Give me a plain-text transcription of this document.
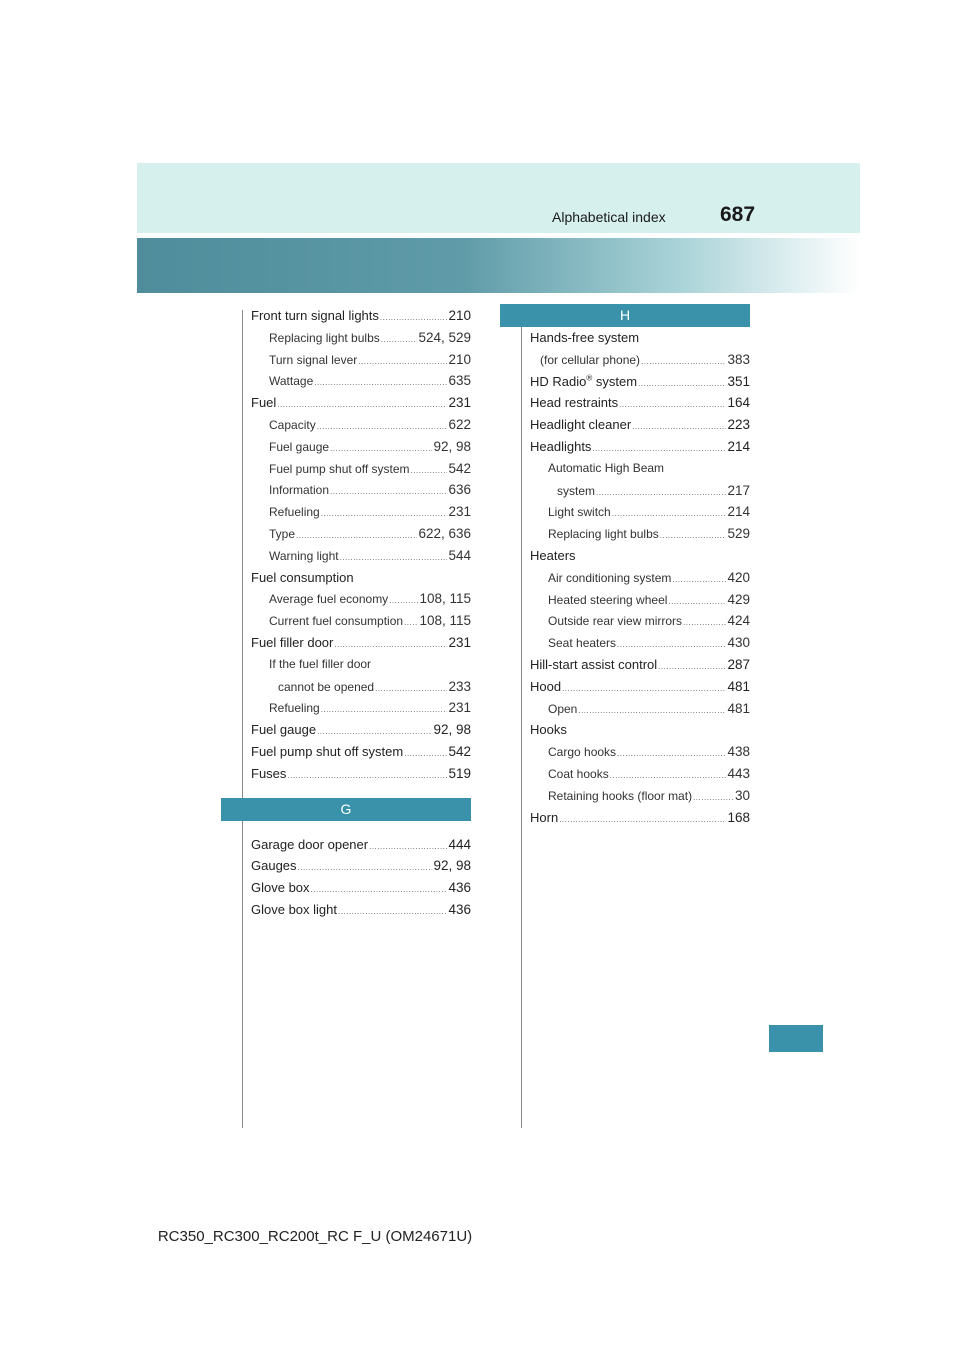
Alphabetical index	687
Front turn signal lights .....	210
Replacing light bulbs .....	524, 529
Turn signal lever .....	210
Wattage .....	635
Fuel .....	231
Capacity .....	622
Fuel gauge .....	92, 98
Fuel pump shut off system .....	542
Information .....	636
Refueling .....	231
Type .....	622, 636
Warning light .....	544
Fuel consumption
Average fuel economy ..... 108, 115
Current fuel consumption ..... 108, 115
Fuel filler door .....	231
If the fuel filler door
cannot be opened .....	233
Refueling .....	231
Fuel gauge .....	92, 98
Fuel pump shut off system .....	542
Fuses .....	519
G
Garage door opener .....	444
Gauges .....	92, 98
Glove box .....	436
Glove box light .....	436
H
Hands-free system
(for cellular phone) .....	383
HD Radio® system .....	351
Head restraints .....	164
Headlight cleaner .....	223
Headlights .....	214
Automatic High Beam
system .....	217
Light switch .....	214
Replacing light bulbs .....	529
Heaters
Air conditioning system .....	420
Heated steering wheel .....	429
Outside rear view mirrors .....	424
Seat heaters .....	430
Hill-start assist control .....	287
Hood .....	481
Open .....	481
Hooks
Cargo hooks .....	438
Coat hooks .....	443
Retaining hooks (floor mat) .....	30
Horn .....	168
RC350_RC300_RC200t_RC F_U (OM24671U)
